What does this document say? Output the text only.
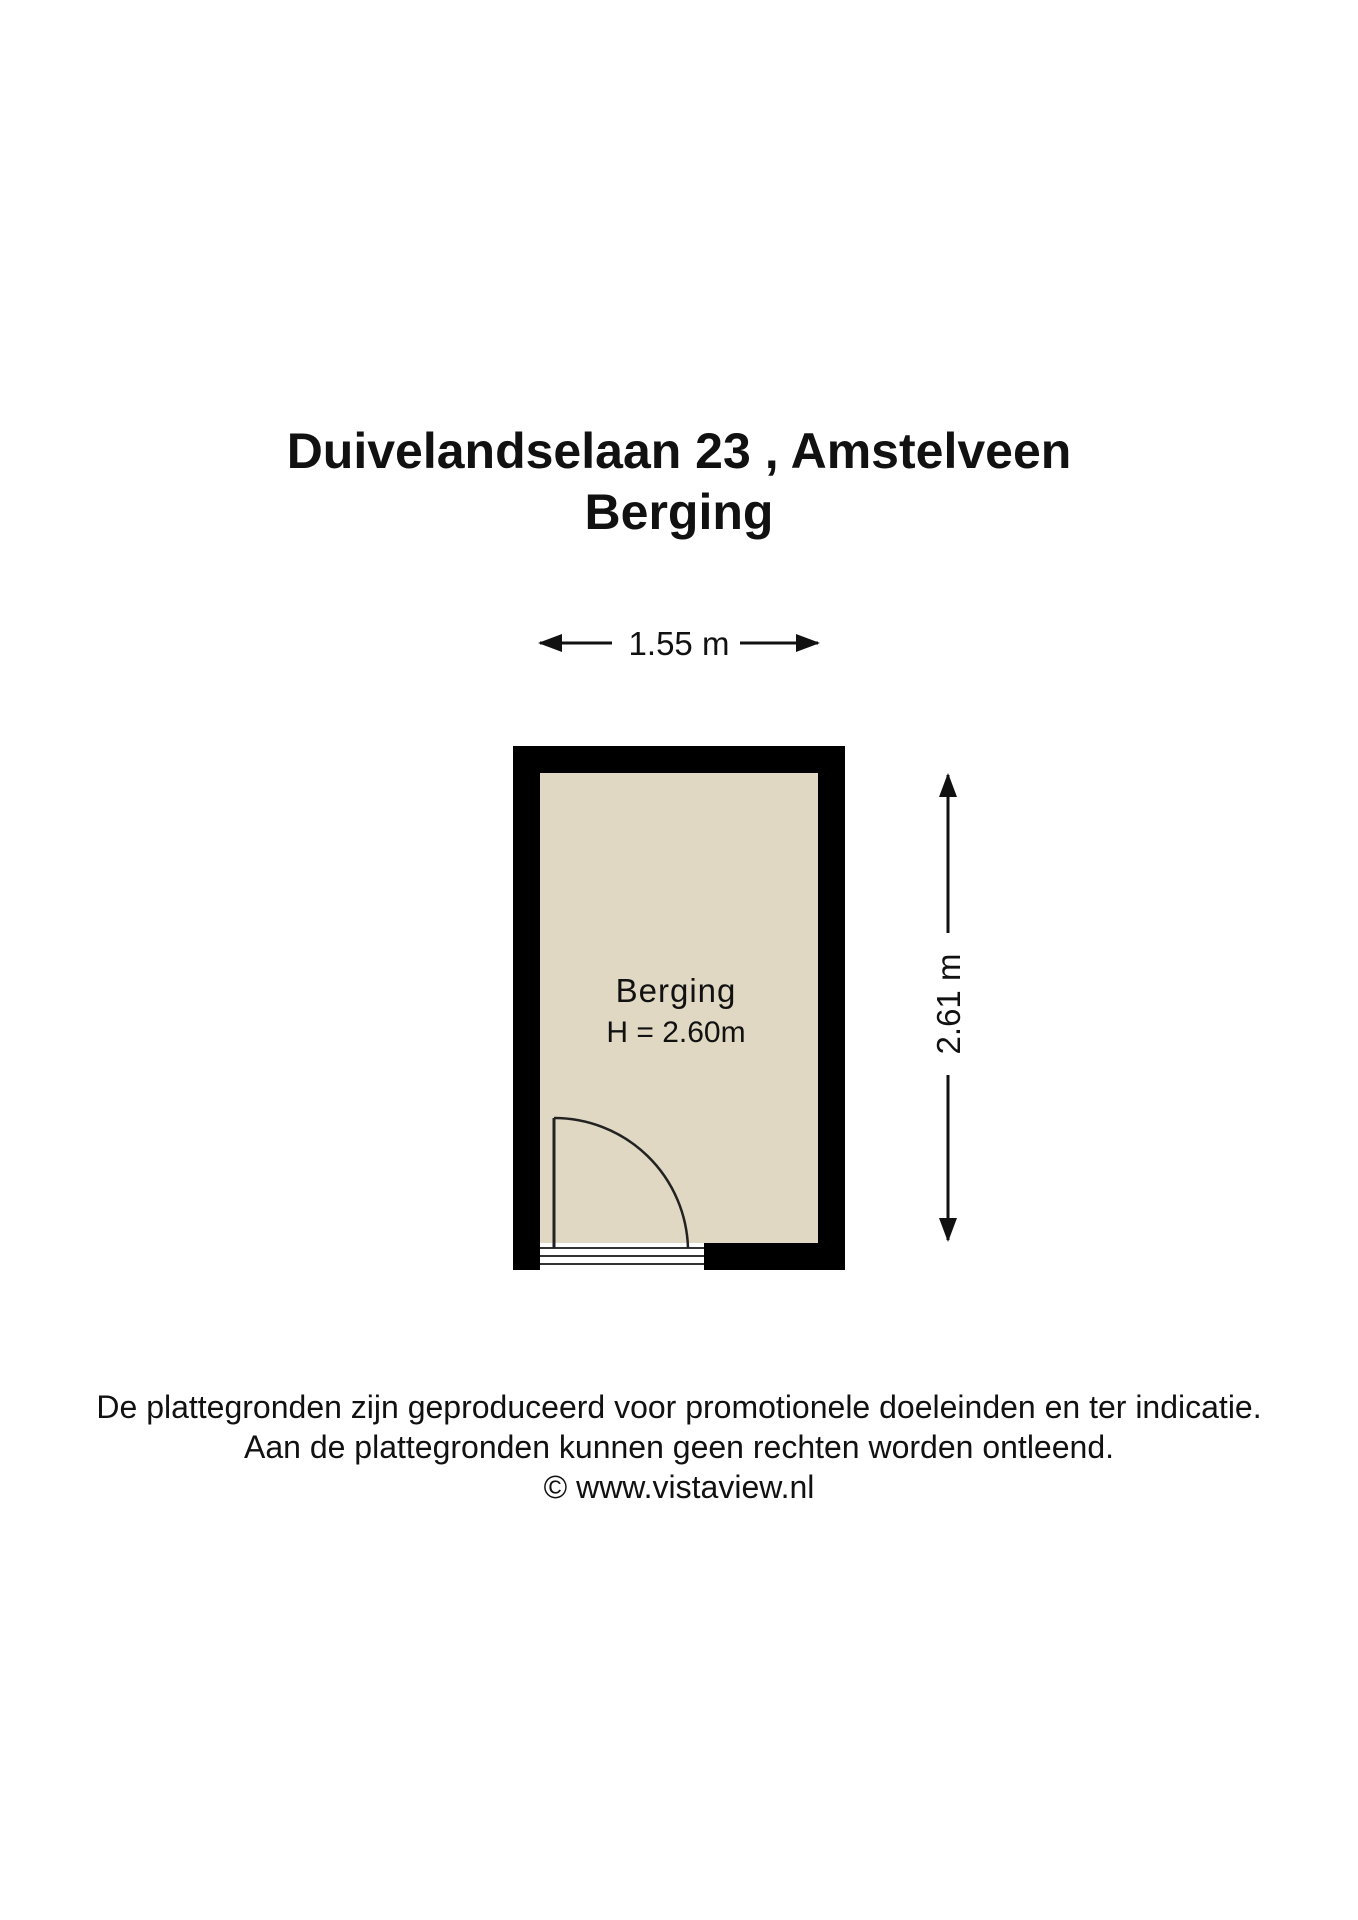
Duivelandselaan 23 , Amstelveen
Berging
1.55 m
2.61 m
Berging
H = 2.60m
De plattegronden zijn geproduceerd voor promotionele doeleinden en ter indicatie.
Aan de plattegronden kunnen geen rechten worden ontleend.
© www.vistaview.nl
